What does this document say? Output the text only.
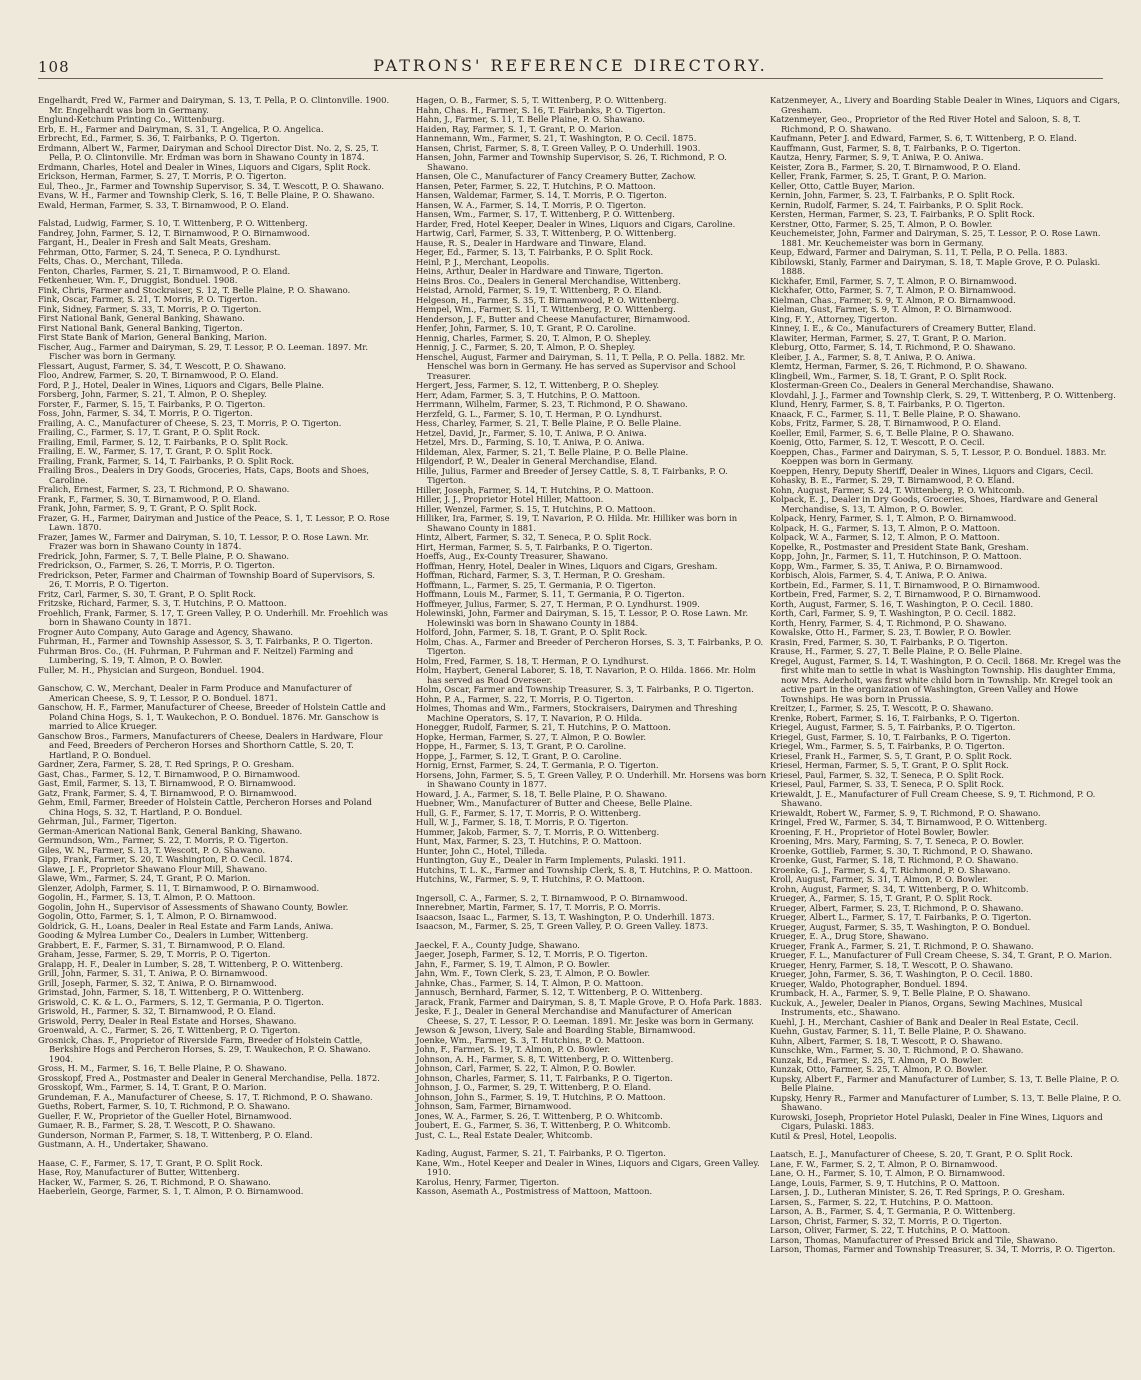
108	PATRONS' REFERENCE DIRECTORY.
Engelhardt, Fred W., Farmer and Dairyman, S. 13, T. Pella, P. O. Clintonville. 1900. Mr. Engelhardt was born in Germany.
Englund-Ketchum Printing Co., Wittenburg.
Erb, E. H., Farmer and Dairyman, S. 31, T. Angelica, P. O. Angelica.
Erbrecht, Ed., Farmer, S. 36, T. Fairbanks, P. O. Tigerton.
Erdmann, Albert W., Farmer, Dairyman and School Director Dist. No. 2, S. 25, T. Pella, P. O. Clintonville. Mr. Erdman was born in Shawano County in 1874.
Erdmann, Charles, Hotel and Dealer in Wines, Liquors and Cigars, Split Rock.
Erickson, Herman, Farmer, S. 27, T. Morris, P. O. Tigerton.
Eul, Theo., Jr., Farmer and Township Supervisor, S. 34, T. Wescott, P. O. Shawano.
Evans, W. H., Farmer and Township Clerk, S. 16, T. Belle Plaine, P. O. Shawano.
Ewald, Herman, Farmer, S. 33, T. Birnamwood, P. O. Eland.
Falstad, Ludwig, Farmer, S. 10, T. Wittenberg, P. O. Wittenberg.
Fandrey, John, Farmer, S. 12, T. Birnamwood, P. O. Birnamwood.
Fargant, H., Dealer in Fresh and Salt Meats, Gresham.
Fehrman, Otto, Farmer, S. 24, T. Seneca, P. O. Lyndhurst.
Felts, Chas. O., Merchant, Tilleda.
Fenton, Charles, Farmer, S. 21, T. Birnamwood, P. O. Eland.
Fetkenheuer, Wm. F., Druggist, Bonduel. 1908.
Fink, Chris, Farmer and Stockraiser, S. 12, T. Belle Plaine, P. O. Shawano.
Fink, Oscar, Farmer, S. 21, T. Morris, P. O. Tigerton.
Fink, Sidney, Farmer, S. 33, T. Morris, P. O. Tigerton.
First National Bank, General Banking, Shawano.
First National Bank, General Banking, Tigerton.
First State Bank of Marion, General Banking, Marion.
Fischer, Aug., Farmer and Dairyman, S. 29, T. Lessor, P. O. Leeman. 1897. Mr. Fischer was born in Germany.
Flessart, August, Farmer, S. 34, T. Wescott, P. O. Shawano.
Floo, Andrew, Farmer, S. 20, T. Birnamwood, P. O. Eland.
Ford, P. J., Hotel, Dealer in Wines, Liquors and Cigars, Belle Plaine.
Forsberg, John, Farmer, S. 21, T. Almon, P. O. Shepley.
Forster, F., Farmer, S. 15, T. Fairbanks, P. O. Tigerton.
Foss, John, Farmer, S. 34, T. Morris, P. O. Tigerton.
Frailing, A. C., Manufacturer of Cheese, S. 23, T. Morris, P. O. Tigerton.
Frailing, C., Farmer, S. 17, T. Grant, P. O. Split Rock.
Frailing, Emil, Farmer, S. 12, T. Fairbanks, P. O. Split Rock.
Frailing, E. W., Farmer, S. 17, T. Grant, P. O. Split Rock.
Frailing, Frank, Farmer, S. 14, T. Fairbanks, P. O. Split Rock.
Frailing Bros., Dealers in Dry Goods, Groceries, Hats, Caps, Boots and Shoes, Caroline.
Fralich, Ernest, Farmer, S. 23, T. Richmond, P. O. Shawano.
Frank, F., Farmer, S. 30, T. Birnamwood, P. O. Eland.
Frank, John, Farmer, S. 9, T. Grant, P. O. Split Rock.
Frazer, G. H., Farmer, Dairyman and Justice of the Peace, S. 1, T. Lessor, P. O. Rose Lawn. 1870.
Frazer, James W., Farmer and Dairyman, S. 10, T. Lessor, P. O. Rose Lawn. Mr. Frazer was born in Shawano County in 1874.
Fredrick, John, Farmer, S. 7, T. Belle Plaine, P. O. Shawano.
Fredrickson, O., Farmer, S. 26, T. Morris, P. O. Tigerton.
Fredrickson, Peter, Farmer and Chairman of Township Board of Supervisors, S. 26, T. Morris, P. O. Tigerton.
Fritz, Carl, Farmer, S. 30, T. Grant, P. O. Split Rock.
Fritzske, Richard, Farmer, S. 3, T. Hutchins, P. O. Mattoon.
Froehlich, Frank, Farmer, S. 17, T. Green Valley, P. O. Underhill. Mr. Froehlich was born in Shawano County in 1871.
Frogner Auto Company, Auto Garage and Agency, Shawano.
Fuhrman, H., Farmer and Township Assessor, S. 3, T. Fairbanks, P. O. Tigerton.
Fuhrman Bros. Co., (H. Fuhrman, P. Fuhrman and F. Neitzel) Farming and Lumbering, S. 19, T. Almon, P. O. Bowler.
Fuller, M. H., Physician and Surgeon, Bonduel. 1904.
Ganschow, C. W., Merchant, Dealer in Farm Produce and Manufacturer of American Cheese, S. 9, T. Lessor, P. O. Bonduel. 1871.
Ganschow, H. F., Farmer, Manufacturer of Cheese, Breeder of Holstein Cattle and Poland China Hogs, S. 1, T. Waukechon, P. O. Bonduel. 1876. Mr. Ganschow is married to Alice Krueger.
Ganschow Bros., Farmers, Manufacturers of Cheese, Dealers in Hardware, Flour and Feed, Breeders of Percheron Horses and Shorthorn Cattle, S. 20, T. Hartland, P. O. Bonduel.
Gardner, Zera, Farmer, S. 28, T. Red Springs, P. O. Gresham.
Gast, Chas., Farmer, S. 12, T. Birnamwood, P. O. Birnamwood.
Gast, Emil, Farmer, S. 13, T. Birnamwood, P. O. Birnamwood.
Gatz, Frank, Farmer, S. 4, T. Birnamwood, P. O. Birnamwood.
Gehm, Emil, Farmer, Breeder of Holstein Cattle, Percheron Horses and Poland China Hogs, S. 32, T. Hartland, P. O. Bonduel.
Gehrman, Jul., Farmer, Tigerton.
German-American National Bank, General Banking, Shawano.
Germundson, Wm., Farmer, S. 22, T. Morris, P. O. Tigerton.
Giles, W. N., Farmer, S. 13, T. Wescott, P. O. Shawano.
Gipp, Frank, Farmer, S. 20, T. Washington, P. O. Cecil. 1874.
Glawe, J. F., Proprietor Shawano Flour Mill, Shawano.
Glawe, Wm., Farmer, S. 24, T. Grant, P. O. Marion.
Glenzer, Adolph, Farmer, S. 11, T. Birnamwood, P. O. Birnamwood.
Gogolin, H., Farmer, S. 13, T. Almon, P. O. Mattoon.
Gogolin, John H., Supervisor of Assessments of Shawano County, Bowler.
Gogolin, Otto, Farmer, S. 1, T. Almon, P. O. Birnamwood.
Goldrick, G. H., Loans, Dealer in Real Estate and Farm Lands, Aniwa.
Gooding & Mylrea Lumber Co., Dealers in Lumber, Wittenberg.
Grabbert, E. F., Farmer, S. 31, T. Birnamwood, P. O. Eland.
Graham, Jesse, Farmer, S. 29, T. Morris, P. O. Tigerton.
Gralapp, H. F., Dealer in Lumber, S. 28, T. Wittenberg, P. O. Wittenberg.
Grill, John, Farmer, S. 31, T. Aniwa, P. O. Birnamwood.
Grill, Joseph, Farmer, S. 32, T. Aniwa, P. O. Birnamwood.
Grimstad, John, Farmer, S. 18, T. Wittenberg, P. O. Wittenberg.
Griswold, C. K. & L. O., Farmers, S. 12, T. Germania, P. O. Tigerton.
Griswold, H., Farmer, S. 32, T. Birnamwood, P. O. Eland.
Griswold, Perry, Dealer in Real Estate and Horses, Shawano.
Groenwald, A. C., Farmer, S. 26, T. Wittenberg, P. O. Tigerton.
Grosnick, Chas. F., Proprietor of Riverside Farm, Breeder of Holstein Cattle, Berkshire Hogs and Percheron Horses, S. 29, T. Waukechon, P. O. Shawano. 1904.
Gross, H. M., Farmer, S. 16, T. Belle Plaine, P. O. Shawano.
Grosskopf, Fred A., Postmaster and Dealer in General Merchandise, Pella. 1872.
Grosskopf, Wm., Farmer, S. 14, T. Grant, P. O. Marion.
Grundeman, F. A., Manufacturer of Cheese, S. 17, T. Richmond, P. O. Shawano.
Gueths, Robert, Farmer, S. 10, T. Richmond, P. O. Shawano.
Gueller, F. W., Proprietor of the Gueller Hotel, Birnamwood.
Gumaer, R. B., Farmer, S. 28, T. Wescott, P. O. Shawano.
Gunderson, Norman P., Farmer, S. 18, T. Wittenberg, P. O. Eland.
Gustmann, A. H., Undertaker, Shawano.
Haase, C. F., Farmer, S. 17, T. Grant, P. O. Split Rock.
Hase, Roy, Manufacturer of Butter, Wittenberg.
Hacker, W., Farmer, S. 26, T. Richmond, P. O. Shawano.
Haeberlein, George, Farmer, S. 1, T. Almon, P. O. Birnamwood.
Hagen, O. B., Farmer, S. 5, T. Wittenberg, P. O. Wittenberg.
Hahn, Chas. H., Farmer, S. 16, T. Fairbanks, P. O. Tigerton.
Hahn, J., Farmer, S. 11, T. Belle Plaine, P. O. Shawano.
Haiden, Ray, Farmer, S. 1, T. Grant, P. O. Marion.
Hannemann, Wm., Farmer, S. 21, T. Washington, P. O. Cecil. 1875.
Hansen, Christ, Farmer, S. 8, T. Green Valley, P. O. Underhill. 1903.
Hansen, John, Farmer and Township Supervisor, S. 26, T. Richmond, P. O. Shawano.
Hansen, Ole C., Manufacturer of Fancy Creamery Butter, Zachow.
Hansen, Peter, Farmer, S. 22, T. Hutchins, P. O. Mattoon.
Hansen, Waldemar, Farmer, S. 14, T. Morris, P. O. Tigerton.
Hansen, W. A., Farmer, S. 14, T. Morris, P. O. Tigerton.
Hansen, Wm., Farmer, S. 17, T. Wittenberg, P. O. Wittenberg.
Harder, Fred, Hotel Keeper, Dealer in Wines, Liquors and Cigars, Caroline.
Hartwig, Carl, Farmer, S. 33, T. Wittenberg, P. O. Wittenberg.
Hause, R. S., Dealer in Hardware and Tinware, Eland.
Heger, Ed., Farmer, S. 13, T. Fairbanks, P. O. Split Rock.
Heinl, P. J., Merchant, Leopolis.
Heins, Arthur, Dealer in Hardware and Tinware, Tigerton.
Heins Bros. Co., Dealers in General Merchandise, Wittenberg.
Heistad, Arnold, Farmer, S. 19, T. Wittenberg, P. O. Eland.
Helgeson, H., Farmer, S. 35, T. Birnamwood, P. O. Wittenberg.
Hempel, Wm., Farmer, S. 11, T. Wittenberg, P. O. Wittenberg.
Henderson, J. F., Butter and Cheese Manufacturer, Birnamwood.
Henfer, John, Farmer, S. 10, T. Grant, P. O. Caroline.
Hennig, Charles, Farmer, S. 20, T. Almon, P. O. Shepley.
Hennig, J. C., Farmer, S. 20, T. Almon, P. O. Shepley.
Henschel, August, Farmer and Dairyman, S. 11, T. Pella, P. O. Pella. 1882. Mr. Henschel was born in Germany. He has served as Supervisor and School Treasurer.
Hergert, Jess, Farmer, S. 12, T. Wittenberg, P. O. Shepley.
Herr, Adam, Farmer, S. 3, T. Hutchins, P. O. Mattoon.
Herrmann, Wilhelm, Farmer, S. 23, T. Richmond, P. O. Shawano.
Herzfeld, G. L., Farmer, S. 10, T. Herman, P. O. Lyndhurst.
Hess, Charley, Farmer, S. 21, T. Belle Plaine, P. O. Belle Plaine.
Hetzel, David, Jr., Farmer, S. 10, T. Aniwa, P. O. Aniwa.
Hetzel, Mrs. D., Farming, S. 10, T. Aniwa, P. O. Aniwa.
Hildeman, Alex, Farmer, S. 21, T. Belle Plaine, P. O. Belle Plaine.
Hilgendorf, P. W., Dealer in General Merchandise, Eland.
Hille, Julius, Farmer and Breeder of Jersey Cattle, S. 8, T. Fairbanks, P. O. Tigerton.
Hiller, Joseph, Farmer, S. 14, T. Hutchins, P. O. Mattoon.
Hiller, J. J., Proprietor Hotel Hiller, Mattoon.
Hiller, Wenzel, Farmer, S. 15, T. Hutchins, P. O. Mattoon.
Hilliker, Ira, Farmer, S. 19, T. Navarion, P. O. Hilda. Mr. Hilliker was born in Shawano County in 1881.
Hintz, Albert, Farmer, S. 32, T. Seneca, P. O. Split Rock.
Hirt, Herman, Farmer, S. 5, T. Fairbanks, P. O. Tigerton.
Hoeffs, Aug., Ex-County Treasurer, Shawano.
Hoffman, Henry, Hotel, Dealer in Wines, Liquors and Cigars, Gresham.
Hoffman, Richard, Farmer, S. 3, T. Herman, P. O. Gresham.
Hoffmann, L., Farmer, S. 25, T. Germania, P. O. Tigerton.
Hoffmann, Louis M., Farmer, S. 11, T. Germania, P. O. Tigerton.
Hoffmeyer, Julius, Farmer, S. 27, T. Herman, P. O. Lyndhurst. 1909.
Holewinski, John, Farmer and Dairyman, S. 15, T. Lessor, P. O. Rose Lawn. Mr. Holewinski was born in Shawano County in 1884.
Holford, John, Farmer, S. 18, T. Grant, P. O. Split Rock.
Holm, Chas. A., Farmer and Breeder of Percheron Horses, S. 3, T. Fairbanks, P. O. Tigerton.
Holm, Fred, Farmer, S. 18, T. Herman, P. O. Lyndhurst.
Holm, Haybert, General Laborer, S. 18, T. Navarion, P. O. Hilda. 1866. Mr. Holm has served as Road Overseer.
Holm, Oscar, Farmer and Township Treasurer, S. 3, T. Fairbanks, P. O. Tigerton.
Hohn, P. A., Farmer, S. 22, T. Morris, P. O. Tigerton.
Holmes, Thomas and Wm., Farmers, Stockraisers, Dairymen and Threshing Machine Operators, S. 17, T. Navarion, P. O. Hilda.
Honegger, Rudolf, Farmer, S. 21, T. Hutchins, P. O. Mattoon.
Hopke, Herman, Farmer, S. 27, T. Almon, P. O. Bowler.
Hoppe, H., Farmer, S. 13, T. Grant, P. O. Caroline.
Hoppe, J., Farmer, S. 12, T. Grant, P. O. Caroline.
Hornig, Ernst, Farmer, S. 24, T. Germania, P. O. Tigerton.
Horsens, John, Farmer, S. 5, T. Green Valley, P. O. Underhill. Mr. Horsens was born in Shawano County in 1877.
Howard, J. A., Farmer, S. 18, T. Belle Plaine, P. O. Shawano.
Huebner, Wm., Manufacturer of Butter and Cheese, Belle Plaine.
Hull, G. F., Farmer, S. 17, T. Morris, P. O. Wittenberg.
Hull, W. J., Farmer, S. 18, T. Morris, P. O. Tigerton.
Hummer, Jakob, Farmer, S. 7, T. Morris, P. O. Wittenberg.
Hunt, Max, Farmer, S. 23, T. Hutchins, P. O. Mattoon.
Hunter, John C., Hotel, Tilleda.
Huntington, Guy E., Dealer in Farm Implements, Pulaski. 1911.
Hutchins, T. L. K., Farmer and Township Clerk, S. 8, T. Hutchins, P. O. Mattoon.
Hutchins, W., Farmer, S. 9, T. Hutchins, P. O. Mattoon.
Ingersoll, C. A., Farmer, S. 2, T. Birnamwood, P. O. Birnamwood.
Innerebner, Martin, Farmer, S. 17, T. Morris, P. O. Morris.
Isaacson, Isaac L., Farmer, S. 13, T. Washington, P. O. Underhill. 1873.
Isaacson, M., Farmer, S. 25, T. Green Valley, P. O. Green Valley. 1873.
Jaeckel, F. A., County Judge, Shawano.
Jaeger, Joseph, Farmer, S. 12, T. Morris, P. O. Tigerton.
Jahn, F., Farmer, S. 19, T. Almon, P. O. Bowler.
Jahn, Wm. F., Town Clerk, S. 23, T. Almon, P. O. Bowler.
Jahnke, Chas., Farmer, S. 14, T. Almon, P. O. Mattoon.
Jannusch, Bernhard, Farmer, S. 12, T. Wittenberg, P. O. Wittenberg.
Jarack, Frank, Farmer and Dairyman, S. 8, T. Maple Grove, P. O. Hofa Park. 1883.
Jeske, F. J., Dealer in General Merchandise and Manufacturer of American Cheese, S. 27, T. Lessor, P. O. Leeman. 1891. Mr. Jeske was born in Germany.
Jewson & Jewson, Livery, Sale and Boarding Stable, Birnamwood.
Joenke, Wm., Farmer, S. 3, T. Hutchins, P. O. Mattoon.
John, F., Farmer, S. 19, T. Almon, P. O. Bowler.
Johnson, A. H., Farmer, S. 8, T. Wittenberg, P. O. Wittenberg.
Johnson, Carl, Farmer, S. 22, T. Almon, P. O. Bowler.
Johnson, Charles, Farmer, S. 11, T. Fairbanks, P. O. Tigerton.
Johnson, J. O., Farmer, S. 29, T. Wittenberg, P. O. Eland.
Johnson, John S., Farmer, S. 19, T. Hutchins, P. O. Mattoon.
Johnson, Sam, Farmer, Birnamwood.
Jones, W. A., Farmer, S. 26, T. Wittenberg, P. O. Whitcomb.
Joubert, E. G., Farmer, S. 36, T. Wittenberg, P. O. Whitcomb.
Just, C. L., Real Estate Dealer, Whitcomb.
Kading, August, Farmer, S. 21, T. Fairbanks, P. O. Tigerton.
Kane, Wm., Hotel Keeper and Dealer in Wines, Liquors and Cigars, Green Valley. 1910.
Karolus, Henry, Farmer, Tigerton.
Kasson, Asemath A., Postmistress of Mattoon, Mattoon.
Katzenmeyer, A., Livery and Boarding Stable Dealer in Wines, Liquors and Cigars, Gresham.
Katzenmeyer, Geo., Proprietor of the Red River Hotel and Saloon, S. 8, T. Richmond, P. O. Shawano.
Kaufmann, Peter J. and Edward, Farmer, S. 6, T. Wittenberg, P. O. Eland.
Kauffmann, Gust, Farmer, S. 8, T. Fairbanks, P. O. Tigerton.
Kautza, Henry, Farmer, S. 9, T. Aniwa, P. O. Aniwa.
Keister, Zora B., Farmer, S. 20, T. Birnamwood, P. O. Eland.
Keller, Frank, Farmer, S. 25, T. Grant, P. O. Marion.
Keller, Otto, Cattle Buyer, Marion.
Kernin, John, Farmer, S. 23, T. Fairbanks, P. O. Split Rock.
Kernin, Rudolf, Farmer, S. 24, T. Fairbanks, P. O. Split Rock.
Kersten, Herman, Farmer, S. 23, T. Fairbanks, P. O. Split Rock.
Kerstner, Otto, Farmer, S. 25, T. Almon, P. O. Bowler.
Keuchemeister, John, Farmer and Dairyman, S. 25, T. Lessor, P. O. Rose Lawn. 1881. Mr. Keuchemeister was born in Germany.
Keup, Edward, Farmer and Dairyman, S. 11, T. Pella, P. O. Pella. 1883.
Kibilowski, Stanly, Farmer and Dairyman, S. 18, T. Maple Grove, P. O. Pulaski. 1888.
Kickhafer, Emil, Farmer, S. 7, T. Almon, P. O. Birnamwood.
Kickhafer, Otto, Farmer, S. 7, T. Almon, P. O. Birnamwood.
Kielman, Chas., Farmer, S. 9, T. Almon, P. O. Birnamwood.
Kielman, Gust, Farmer, S. 9, T. Almon, P. O. Birnamwood.
King, F. Y., Attorney, Tigerton.
Kinney, I. E., & Co., Manufacturers of Creamery Butter, Eland.
Klawiter, Herman, Farmer, S. 27, T. Grant, P. O. Marion.
Kleburg, Otto, Farmer, S. 14, T. Richmond, P. O. Shawano.
Kleiber, J. A., Farmer, S. 8, T. Aniwa, P. O. Aniwa.
Klemtz, Herman, Farmer, S. 26, T. Richmond, P. O. Shawano.
Klingbeil, Wm., Farmer, S. 18, T. Grant, P. O. Split Rock.
Klosterman-Green Co., Dealers in General Merchandise, Shawano.
Klovdahl, J. J., Farmer and Township Clerk, S. 29, T. Wittenberg, P. O. Wittenberg.
Klund, Henry, Farmer, S. 8, T. Fairbanks, P. O. Tigerton.
Knaack, F. C., Farmer, S. 11, T. Belle Plaine, P. O. Shawano.
Kobs, Fritz, Farmer, S. 28, T. Birnamwood, P. O. Eland.
Koeller, Emil, Farmer, S. 6, T. Belle Plaine, P. O. Shawano.
Koenig, Otto, Farmer, S. 12, T. Wescott, P. O. Cecil.
Koeppen, Chas., Farmer and Dairyman, S. 5, T. Lessor, P. O. Bonduel. 1883. Mr. Koeppen was born in Germany.
Koeppen, Henry, Deputy Sheriff, Dealer in Wines, Liquors and Cigars, Cecil.
Kohasky, B. E., Farmer, S. 29, T. Birnamwood, P. O. Eland.
Kohn, August, Farmer, S. 24, T. Wittenberg, P. O. Whitcomb.
Kolpack, E. J., Dealer in Dry Goods, Groceries, Shoes, Hardware and General Merchandise, S. 13, T. Almon, P. O. Bowler.
Kolpack, Henry, Farmer, S. 1, T. Almon, P. O. Birnamwood.
Kolpack, H. G., Farmer, S. 13, T. Almon, P. O. Mattoon.
Kolpack, W. A., Farmer, S. 12, T. Almon, P. O. Mattoon.
Kopelke, R., Postmaster and President State Bank, Gresham.
Kopp, John, Jr., Farmer, S. 11, T. Hutchinson, P. O. Mattoon.
Kopp, Wm., Farmer, S. 35, T. Aniwa, P. O. Birnamwood.
Korbisch, Alois, Farmer, S. 4, T. Aniwa, P. O. Aniwa.
Kortbein, Ed., Farmer, S. 11, T. Birnamwood, P. O. Birnamwood.
Kortbein, Fred, Farmer, S. 2, T. Birnamwood, P. O. Birnamwood.
Korth, August, Farmer, S. 16, T. Washington, P. O. Cecil. 1880.
Korth, Carl, Farmer, S. 9, T. Washington, P. O. Cecil. 1882.
Korth, Henry, Farmer, S. 4, T. Richmond, P. O. Shawano.
Kowalske, Otto H., Farmer, S. 23, T. Bowler, P. O. Bowler.
Krasin, Fred, Farmer, S. 30, T. Fairbanks, P. O. Tigerton.
Krause, H., Farmer, S. 27, T. Belle Plaine, P. O. Belle Plaine.
Kregel, August, Farmer, S. 14, T. Washington, P. O. Cecil. 1868. Mr. Kregel was the first white man to settle in what is Washington Township. His daughter Emma, now Mrs. Aderholt, was first white child born in Township. Mr. Kregel took an active part in the organization of Washington, Green Valley and Howe Townships. He was born in Prussia.
Kreitzer, I., Farmer, S. 25, T. Wescott, P. O. Shawano.
Krenke, Robert, Farmer, S. 16, T. Fairbanks, P. O. Tigerton.
Kriegel, August, Farmer, S. 5, T. Fairbanks, P. O. Tigerton.
Kriegel, Gust, Farmer, S. 10, T. Fairbanks, P. O. Tigerton.
Kriegel, Wm., Farmer, S. 5, T. Fairbanks, P. O. Tigerton.
Kriesel, Frank H., Farmer, S. 5, T. Grant, P. O. Split Rock.
Kriesel, Herman, Farmer, S. 5, T. Grant, P. O. Split Rock.
Kriesel, Paul, Farmer, S. 32, T. Seneca, P. O. Split Rock.
Kriesel, Paul, Farmer, S. 33, T. Seneca, P. O. Split Rock.
Kriewaldt, J. E., Manufacturer of Full Cream Cheese, S. 9, T. Richmond, P. O. Shawano.
Kriewaldt, Robert W., Farmer, S. 9, T. Richmond, P. O. Shawano.
Kringel, Fred W., Farmer, S. 34, T. Birnamwood, P. O. Wittenberg.
Kroening, F. H., Proprietor of Hotel Bowler, Bowler.
Kroening, Mrs. Mary, Farming, S. 7, T. Seneca, P. O. Bowler.
Kroenke, Gottlieb, Farmer, S. 30, T. Richmond, P. O. Shawano.
Kroenke, Gust, Farmer, S. 18, T. Richmond, P. O. Shawano.
Kroenke, G. J., Farmer, S. 4, T. Richmond, P. O. Shawano.
Kroll, August, Farmer, S. 31, T. Almon, P. O. Bowler.
Krohn, August, Farmer, S. 34, T. Wittenberg, P. O. Whitcomb.
Krueger, A., Farmer, S. 15, T. Grant, P. O. Split Rock.
Krueger, Albert, Farmer, S. 23, T. Richmond, P. O. Shawano.
Krueger, Albert L., Farmer, S. 17, T. Fairbanks, P. O. Tigerton.
Krueger, August, Farmer, S. 35, T. Washington, P. O. Bonduel.
Krueger, E. A., Drug Store, Shawano.
Krueger, Frank A., Farmer, S. 21, T. Richmond, P. O. Shawano.
Krueger, F. L., Manufacturer of Full Cream Cheese, S. 34, T. Grant, P. O. Marion.
Krueger, Henry, Farmer, S. 18, T. Wescott, P. O. Shawano.
Krueger, John, Farmer, S. 36, T. Washington, P. O. Cecil. 1880.
Krueger, Waldo, Photographer, Bonduel. 1894.
Krumback, H. A., Farmer, S. 9, T. Belle Plaine, P. O. Shawano.
Kuckuk, A., Jeweler, Dealer in Pianos, Organs, Sewing Machines, Musical Instruments, etc., Shawano.
Kuehl, J. H., Merchant, Cashier of Bank and Dealer in Real Estate, Cecil.
Kuehn, Gustav, Farmer, S. 11, T. Belle Plaine, P. O. Shawano.
Kuhn, Albert, Farmer, S. 18, T. Wescott, P. O. Shawano.
Kunschke, Wm., Farmer, S. 30, T. Richmond, P. O. Shawano.
Kunzak, Ed., Farmer, S. 25, T. Almon, P. O. Bowler.
Kunzak, Otto, Farmer, S. 25, T. Almon, P. O. Bowler.
Kupsky, Albert F., Farmer and Manufacturer of Lumber, S. 13, T. Belle Plaine, P. O. Belle Plaine.
Kupsky, Henry R., Farmer and Manufacturer of Lumber, S. 13, T. Belle Plaine, P. O. Shawano.
Kurowski, Joseph, Proprietor Hotel Pulaski, Dealer in Fine Wines, Liquors and Cigars, Pulaski. 1883.
Kutil & Presl, Hotel, Leopolis.
Laatsch, E. J., Manufacturer of Cheese, S. 20, T. Grant, P. O. Split Rock.
Lane, F. W., Farmer, S. 2, T. Almon, P. O. Birnamwood.
Lane, O. H., Farmer, S. 10, T. Almon, P. O. Birnamwood.
Lange, Louis, Farmer, S. 9, T. Hutchins, P. O. Mattoon.
Larsen, J. D., Lutheran Minister, S. 26, T. Red Springs, P. O. Gresham.
Larsen, S., Farmer, S. 22, T. Hutchins, P. O. Mattoon.
Larson, A. B., Farmer, S. 4, T. Germania, P. O. Wittenberg.
Larson, Christ, Farmer, S. 32, T. Morris, P. O. Tigerton.
Larson, Oliver, Farmer, S. 22, T. Hutchins, P. O. Mattoon.
Larson, Thomas, Manufacturer of Pressed Brick and Tile, Shawano.
Larson, Thomas, Farmer and Township Treasurer, S. 34, T. Morris, P. O. Tigerton.
